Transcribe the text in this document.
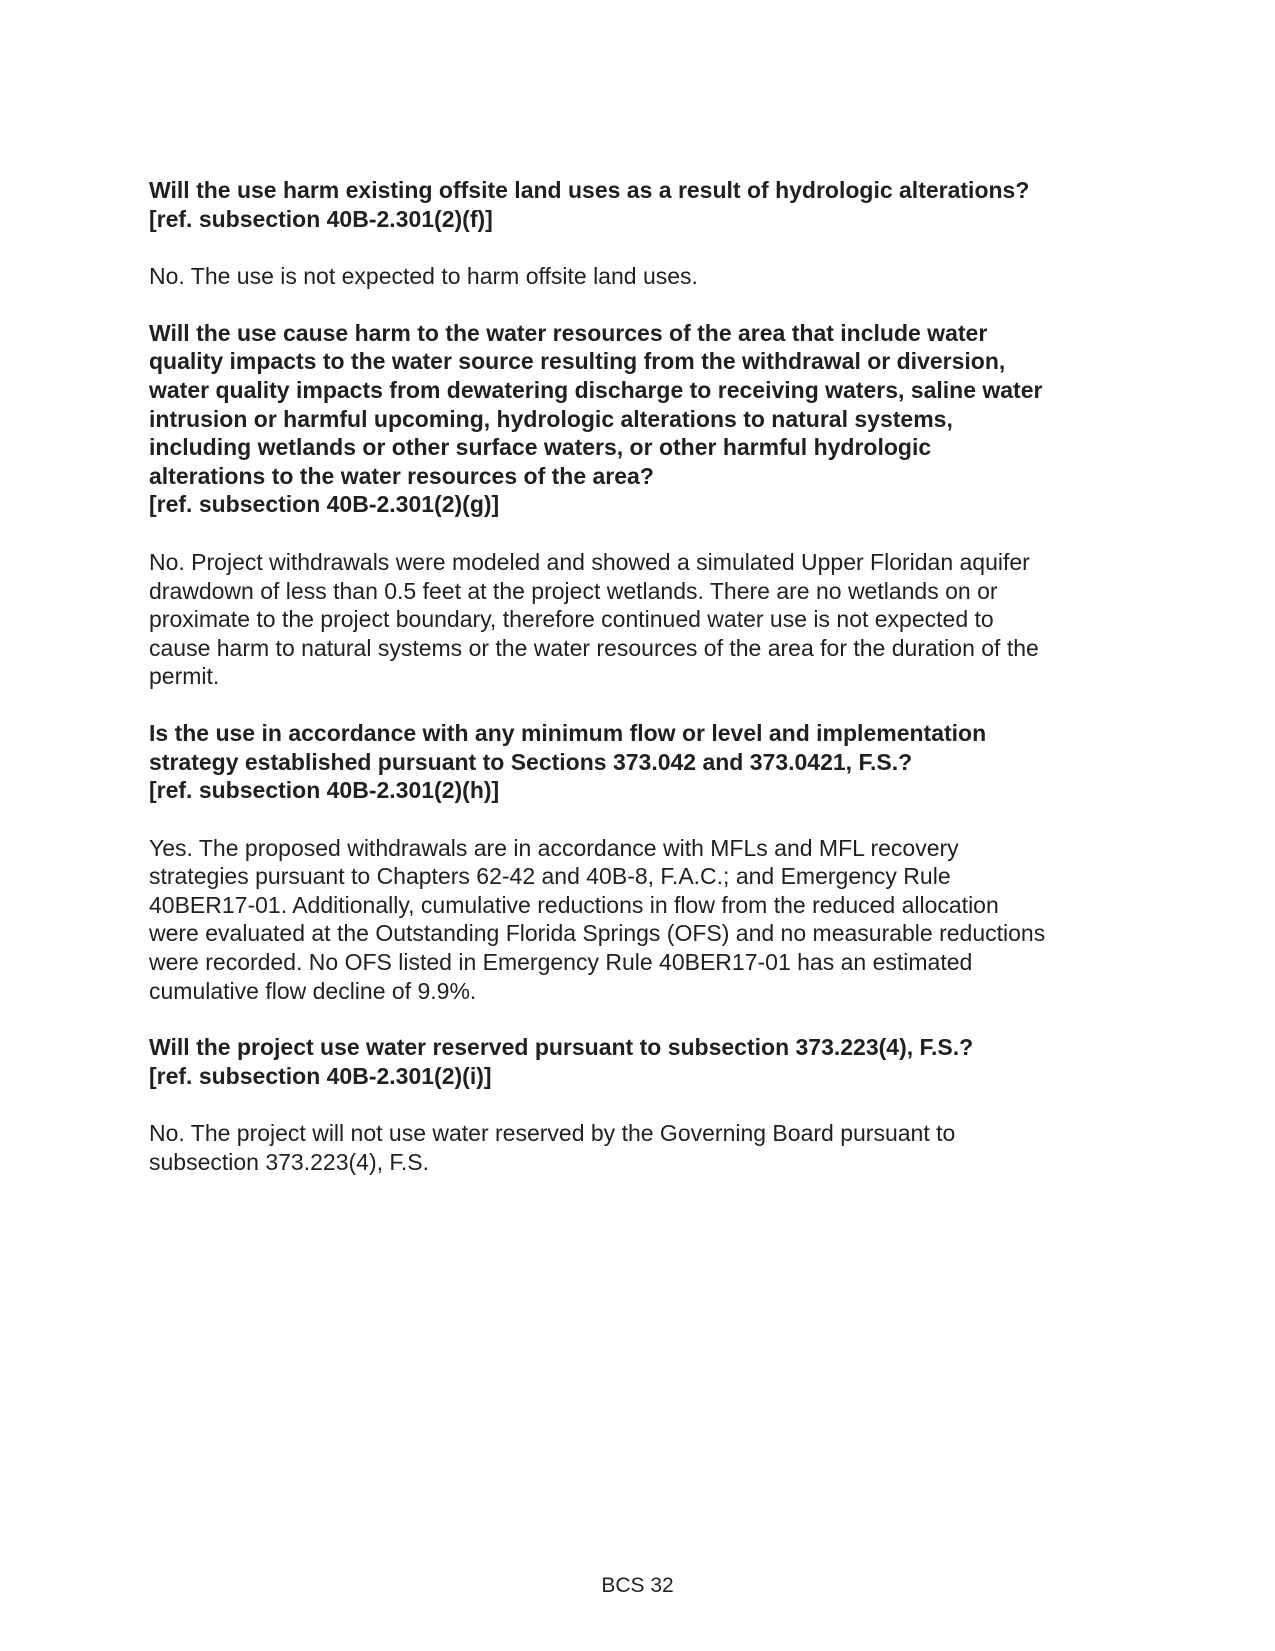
Will the use harm existing offsite land uses as a result of hydrologic alterations?
[ref. subsection 40B-2.301(2)(f)]

No. The use is not expected to harm offsite land uses.

Will the use cause harm to the water resources of the area that include water
quality impacts to the water source resulting from the withdrawal or diversion,
water quality impacts from dewatering discharge to receiving waters, saline water
intrusion or harmful upcoming, hydrologic alterations to natural systems,
including wetlands or other surface waters, or other harmful hydrologic
alterations to the water resources of the area?
[ref. subsection 40B-2.301(2)(g)]

No. Project withdrawals were modeled and showed a simulated Upper Floridan aquifer
drawdown of less than 0.5 feet at the project wetlands. There are no wetlands on or
proximate to the project boundary, therefore continued water use is not expected to
cause harm to natural systems or the water resources of the area for the duration of the
permit.

Is the use in accordance with any minimum flow or level and implementation
strategy established pursuant to Sections 373.042 and 373.0421, F.S.?
[ref. subsection 40B-2.301(2)(h)]

Yes. The proposed withdrawals are in accordance with MFLs and MFL recovery
strategies pursuant to Chapters 62-42 and 40B-8, F.A.C.; and Emergency Rule
40BER17-01. Additionally, cumulative reductions in flow from the reduced allocation
were evaluated at the Outstanding Florida Springs (OFS) and no measurable reductions
were recorded. No OFS listed in Emergency Rule 40BER17-01 has an estimated
cumulative flow decline of 9.9%.

Will the project use water reserved pursuant to subsection 373.223(4), F.S.?
[ref. subsection 40B-2.301(2)(i)]

No. The project will not use water reserved by the Governing Board pursuant to
subsection 373.223(4), F.S.

BCS 32
